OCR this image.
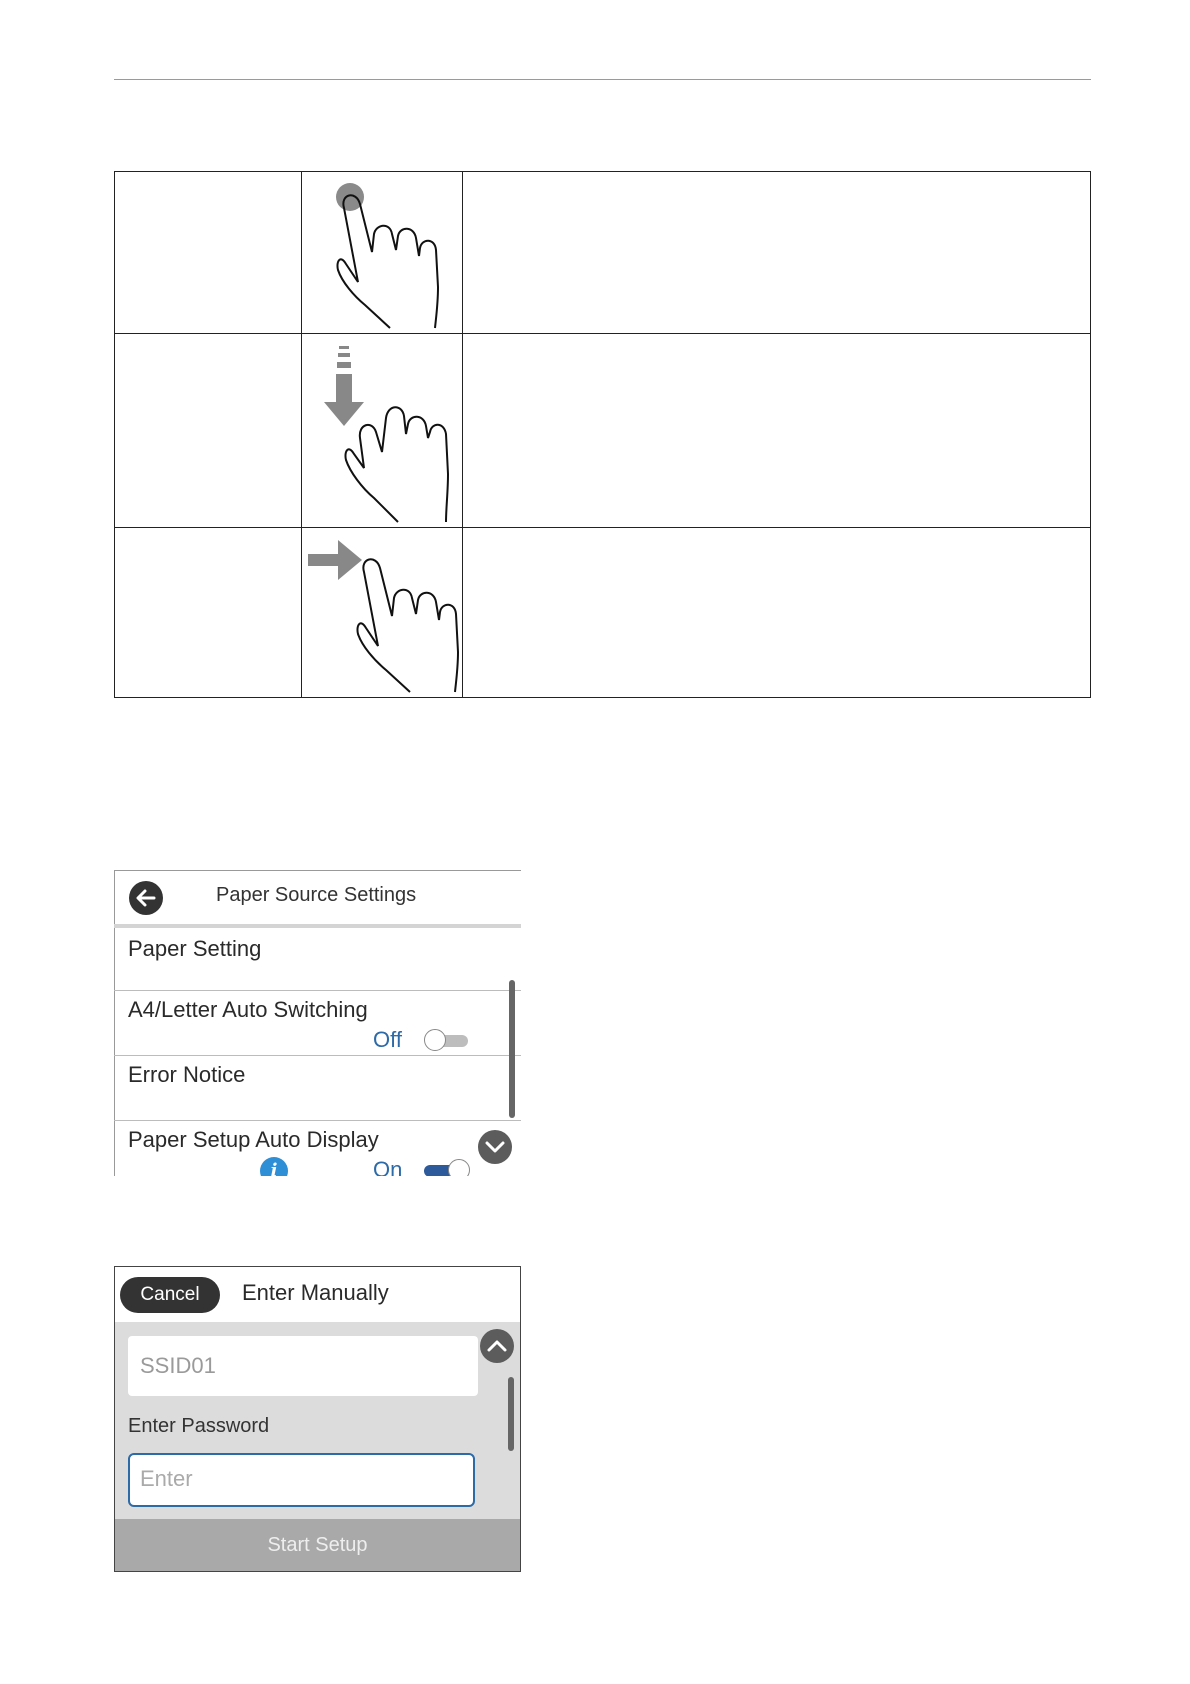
Paper Source Settings
Paper Setting
A4/Letter Auto Switching
Off
Error Notice
Paper Setup Auto Display
i	On
Cancel	Enter Manually
SSID01
Enter Password
Enter
Start Setup
